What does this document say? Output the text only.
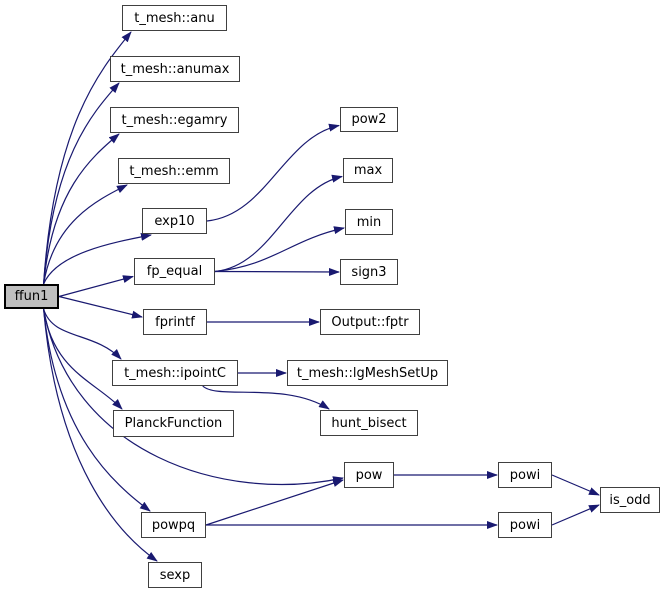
ffun1
t_mesh::anu
t_mesh::anumax
t_mesh::egamry
t_mesh::emm
exp10
fp_equal
fprintf
t_mesh::ipointC
PlanckFunction
powpq
sexp
pow2
max
min
sign3
Output::fptr
t_mesh::lgMeshSetUp
hunt_bisect
pow	powi
powi
is_odd
